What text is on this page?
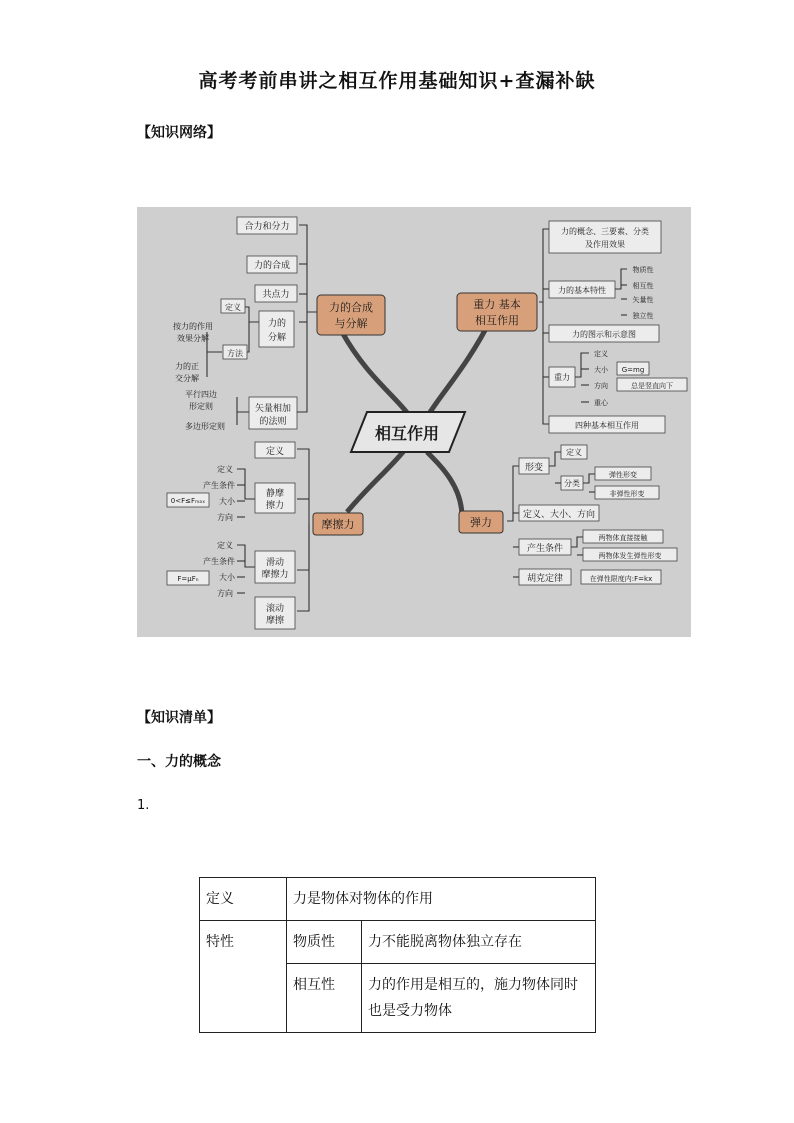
高考考前串讲之相互作用基础知识+查漏补缺
【知识网络】
相互作用
力的合成
与分解
重力 基本
相互作用
摩擦力	弹力
合力和分力
力的合成
共点力
力的
分解
定义
方法
按力的作用
效果分解
力的正
交分解
平行四边
形定则
多边形定则
矢量相加
的法则
力的概念、三要素、分类
及作用效果
力的基本特性
物质性
相互性
矢量性
独立性
力的图示和示意图
重力
定义
大小 G=mg
方向	总是竖直向下
重心
四种基本相互作用
定义
静摩
擦力
定义
产生条件
大小
方向
0<F≤Fₘₐₓ
滑动
摩擦力
定义
产生条件
大小
方向
F=μFₙ
滚动
摩擦
形变
定义
分类
弹性形变
非弹性形变
定义、大小、方向
产生条件
两物体直接接触
两物体发生弹性形变
胡克定律	在弹性限度内:F=kx
【知识清单】
一、力的概念
1.
定义	力是物体对物体的作用	
特性	物质性	力不能脱离物体独立存在
	相互性	力的作用是相互的，施力物体同时也是受力物体
